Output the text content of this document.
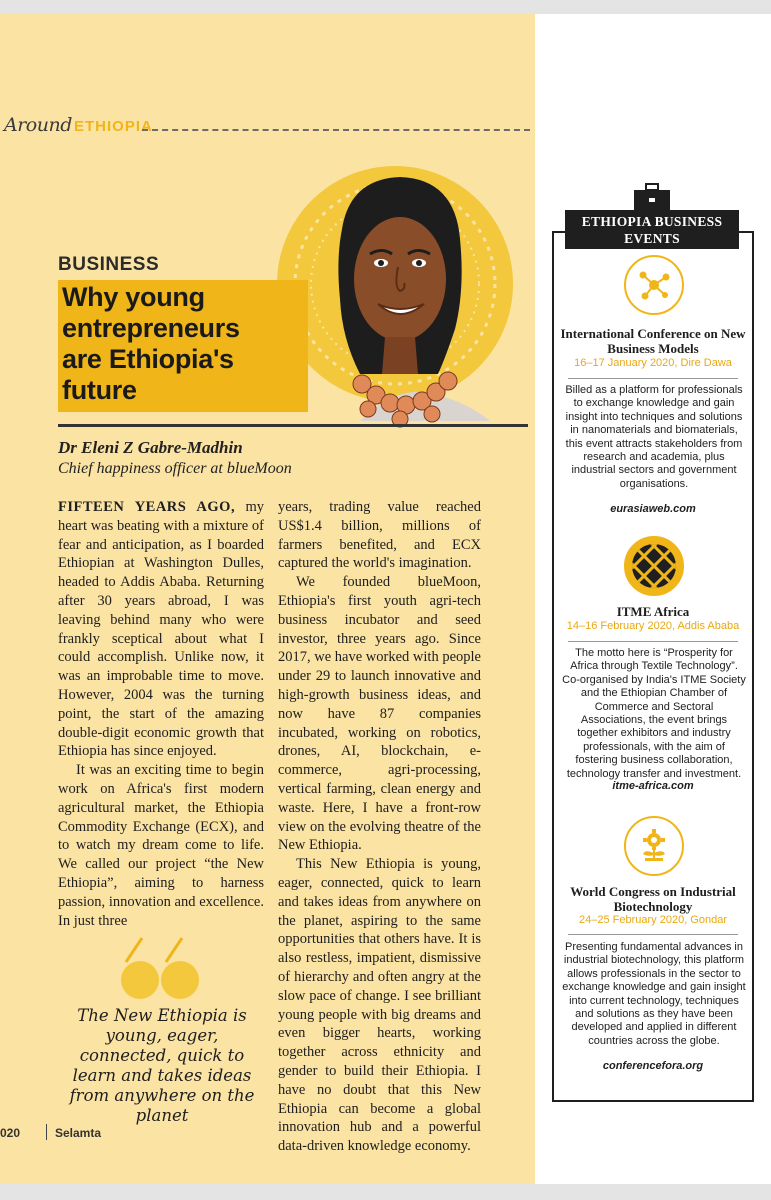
Around ETHIOPIA
BUSINESS
Why young
entrepreneurs
are Ethiopia's
future
Dr Eleni Z Gabre-Madhin
Chief happiness officer at blueMoon

FIFTEEN YEARS AGO, my heart was beating with a mixture of fear and anticipation, as I boarded Ethiopian at Washington Dulles, headed to Addis Ababa. Returning after 30 years abroad, I was leaving behind many who were frankly sceptical about what I could accomplish. Unlike now, it was an improbable time to move. However, 2004 was the turning point, the start of the amazing double-digit economic growth that Ethiopia has since enjoyed.

It was an exciting time to begin work on Africa's first modern agricultural market, the Ethiopia Commodity Exchange (ECX), and to watch my dream come to life. We called our project “the New Ethiopia”, aiming to harness passion, innovation and excellence. In just three

years, trading value reached US$1.4 billion, millions of farmers benefited, and ECX captured the world's imagination.

We founded blueMoon, Ethiopia's first youth agri-tech business incubator and seed investor, three years ago. Since 2017, we have worked with people under 29 to launch innovative and high-growth business ideas, and now have 87 companies incubated, working on robotics, drones, AI, blockchain, e-commerce, agri-processing, vertical farming, clean energy and waste. Here, I have a front-row view on the evolving theatre of the New Ethiopia.

This New Ethiopia is young, eager, connected, quick to learn and takes ideas from anywhere on the planet, aspiring to the same opportunities that others have. It is also restless, impatient, dismissive of hierarchy and often angry at the slow pace of change. I see brilliant young people with big dreams and even bigger hearts, working together across ethnicity and gender to build their Ethiopia. I have no doubt that this New Ethiopia can become a global innovation hub and a powerful data-driven knowledge economy.

The New Ethiopia is young, eager, connected, quick to learn and takes ideas from anywhere on the planet
020	Selamta
ETHIOPIA BUSINESS
EVENTS
International Conference on New Business Models
16–17 January 2020, Dire Dawa
Billed as a platform for professionals to exchange knowledge and gain insight into techniques and solutions in nanomaterials and biomaterials, this event attracts stakeholders from research and academia, plus industrial sectors and government organisations.
eurasiaweb.com
ITME Africa
14–16 February 2020, Addis Ababa
The motto here is “Prosperity for Africa through Textile Technology”. Co-organised by India's ITME Society and the Ethiopian Chamber of Commerce and Sectoral Associations, the event brings together exhibitors and industry professionals, with the aim of fostering business collaboration, technology transfer and investment.
itme-africa.com
World Congress on Industrial Biotechnology
24–25 February 2020, Gondar
Presenting fundamental advances in industrial biotechnology, this platform allows professionals in the sector to exchange knowledge and gain insight into current technology, techniques and solutions as they have been developed and applied in different countries across the globe.
conferencefora.org
